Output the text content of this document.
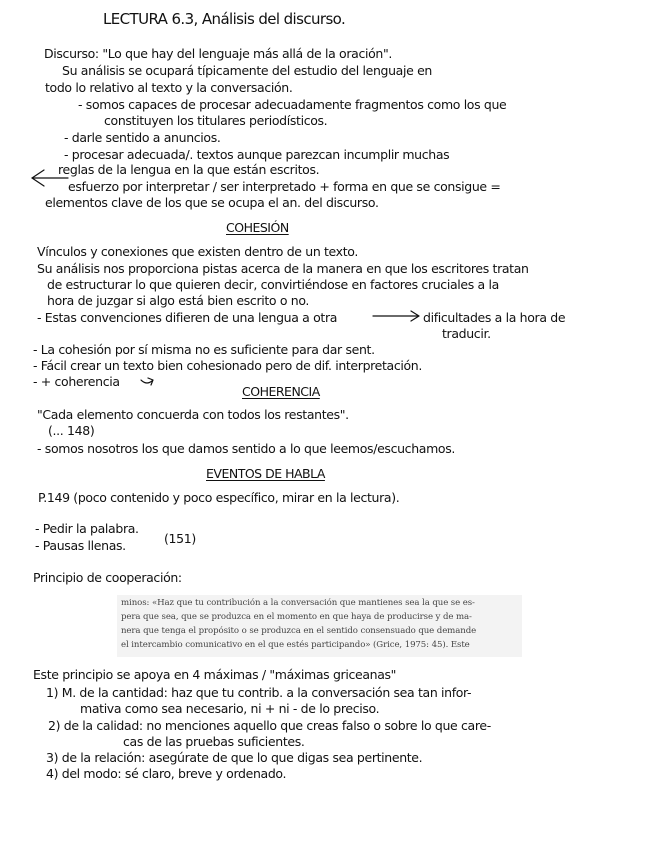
LECTURA 6.3, Análisis del discurso.
Discurso: "Lo que hay del lenguaje más allá de la oración".
Su análisis se ocupará típicamente del estudio del lenguaje en
todo lo relativo al texto y la conversación.
- somos capaces de procesar adecuadamente fragmentos como los que
constituyen los titulares periodísticos.
- darle sentido a anuncios.
- procesar adecuada/. textos aunque parezcan incumplir muchas
reglas de la lengua en la que están escritos.
esfuerzo por interpretar / ser interpretado + forma en que se consigue =
elementos clave de los que se ocupa el an. del discurso.
COHESIÓN
Vínculos y conexiones que existen dentro de un texto.
Su análisis nos proporciona pistas acerca de la manera en que los escritores tratan
de estructurar lo que quieren decir, convirtiéndose en factores cruciales a la
hora de juzgar si algo está bien escrito o no.
- Estas convenciones difieren de una lengua a otra	dificultades a la hora de
traducir.
- La cohesión por sí misma no es suficiente para dar sent.
- Fácil crear un texto bien cohesionado pero de dif. interpretación.
- + coherencia
COHERENCIA
"Cada elemento concuerda con todos los restantes".
(... 148)
- somos nosotros los que damos sentido a lo que leemos/escuchamos.
EVENTOS DE HABLA
P.149 (poco contenido y poco específico, mirar en la lectura).
- Pedir la palabra.
- Pausas llenas.	(151)
Principio de cooperación:
minos: «Haz que tu contribución a la conversación que mantienes sea la que se es-
pera que sea, que se produzca en el momento en que haya de producirse y de ma-
nera que tenga el propósito o se produzca en el sentido consensuado que demande
el intercambio comunicativo en el que estés participando» (Grice, 1975: 45). Este
Este principio se apoya en 4 máximas / "máximas griceanas"
1) M. de la cantidad: haz que tu contrib. a la conversación sea tan infor-
mativa como sea necesario, ni + ni - de lo preciso.
2) de la calidad: no menciones aquello que creas falso o sobre lo que care-
cas de las pruebas suficientes.
3) de la relación: asegúrate de que lo que digas sea pertinente.
4) del modo: sé claro, breve y ordenado.
